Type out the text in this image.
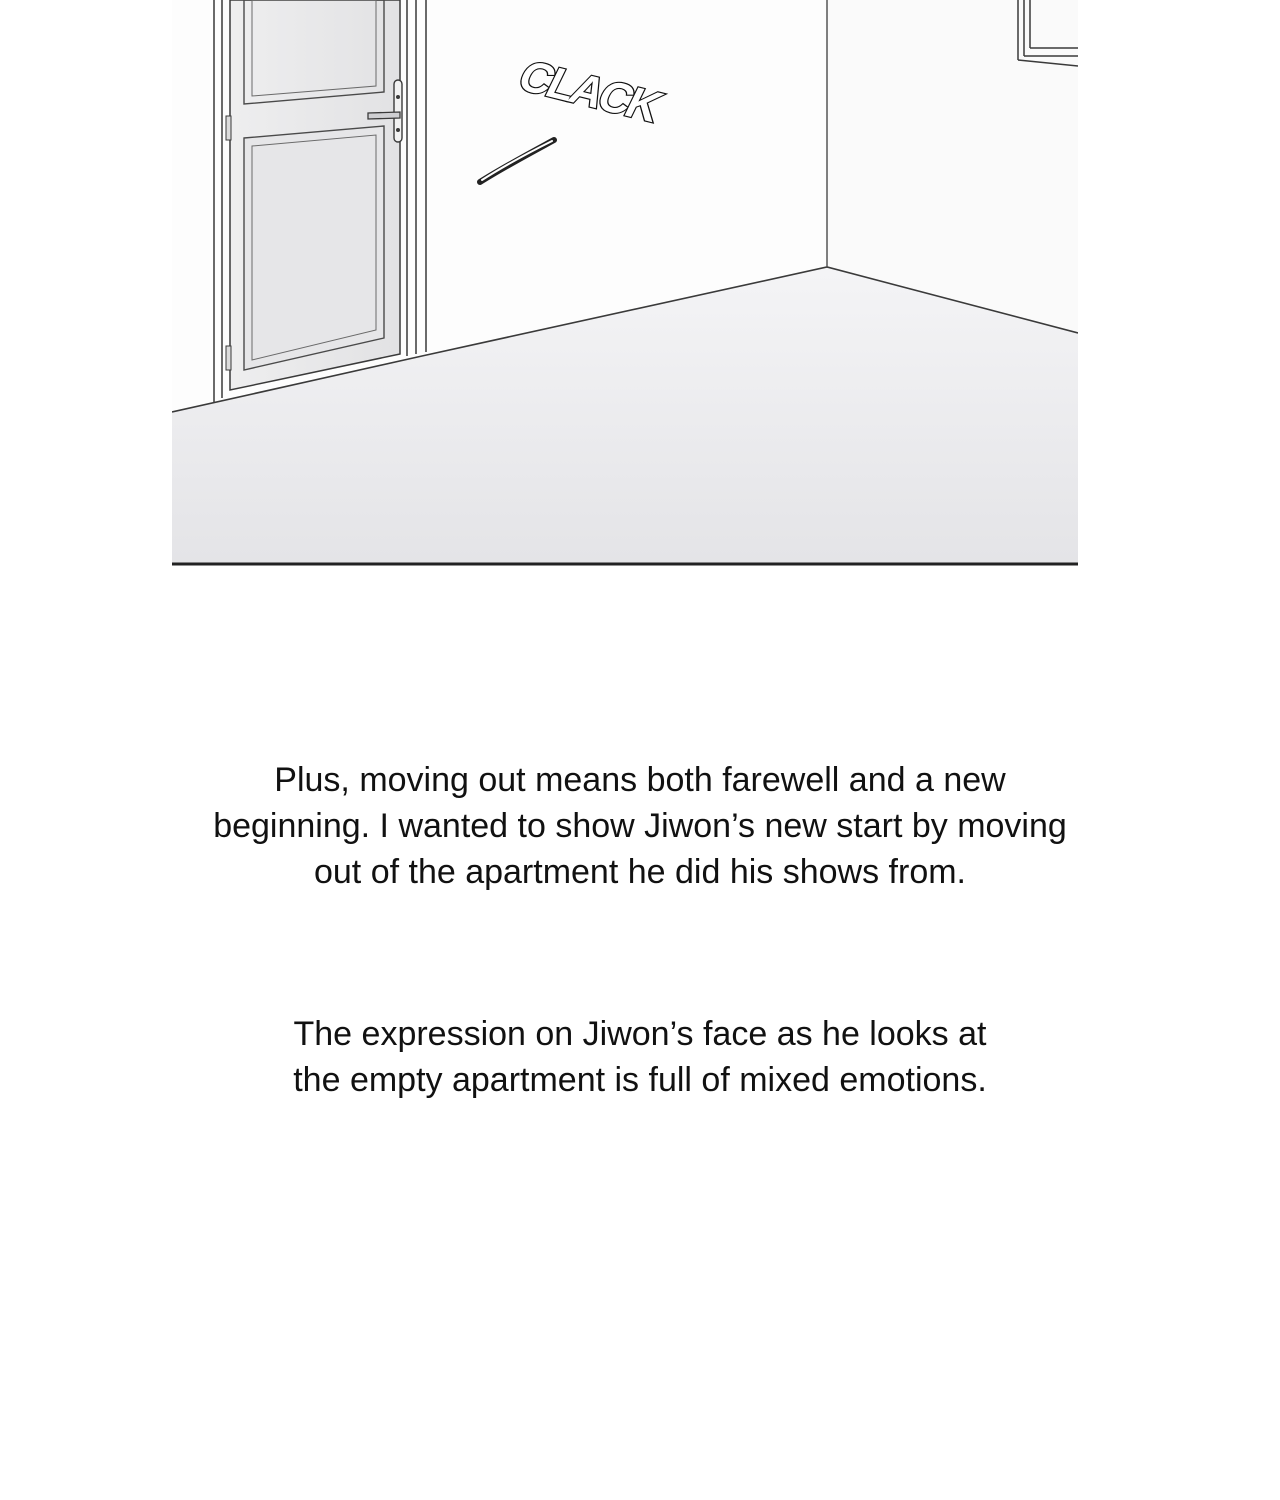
CLACK

Plus, moving out means both farewell and a new
beginning. I wanted to show Jiwon’s new start by moving
out of the apartment he did his shows from.

The expression on Jiwon’s face as he looks at
the empty apartment is full of mixed emotions.
